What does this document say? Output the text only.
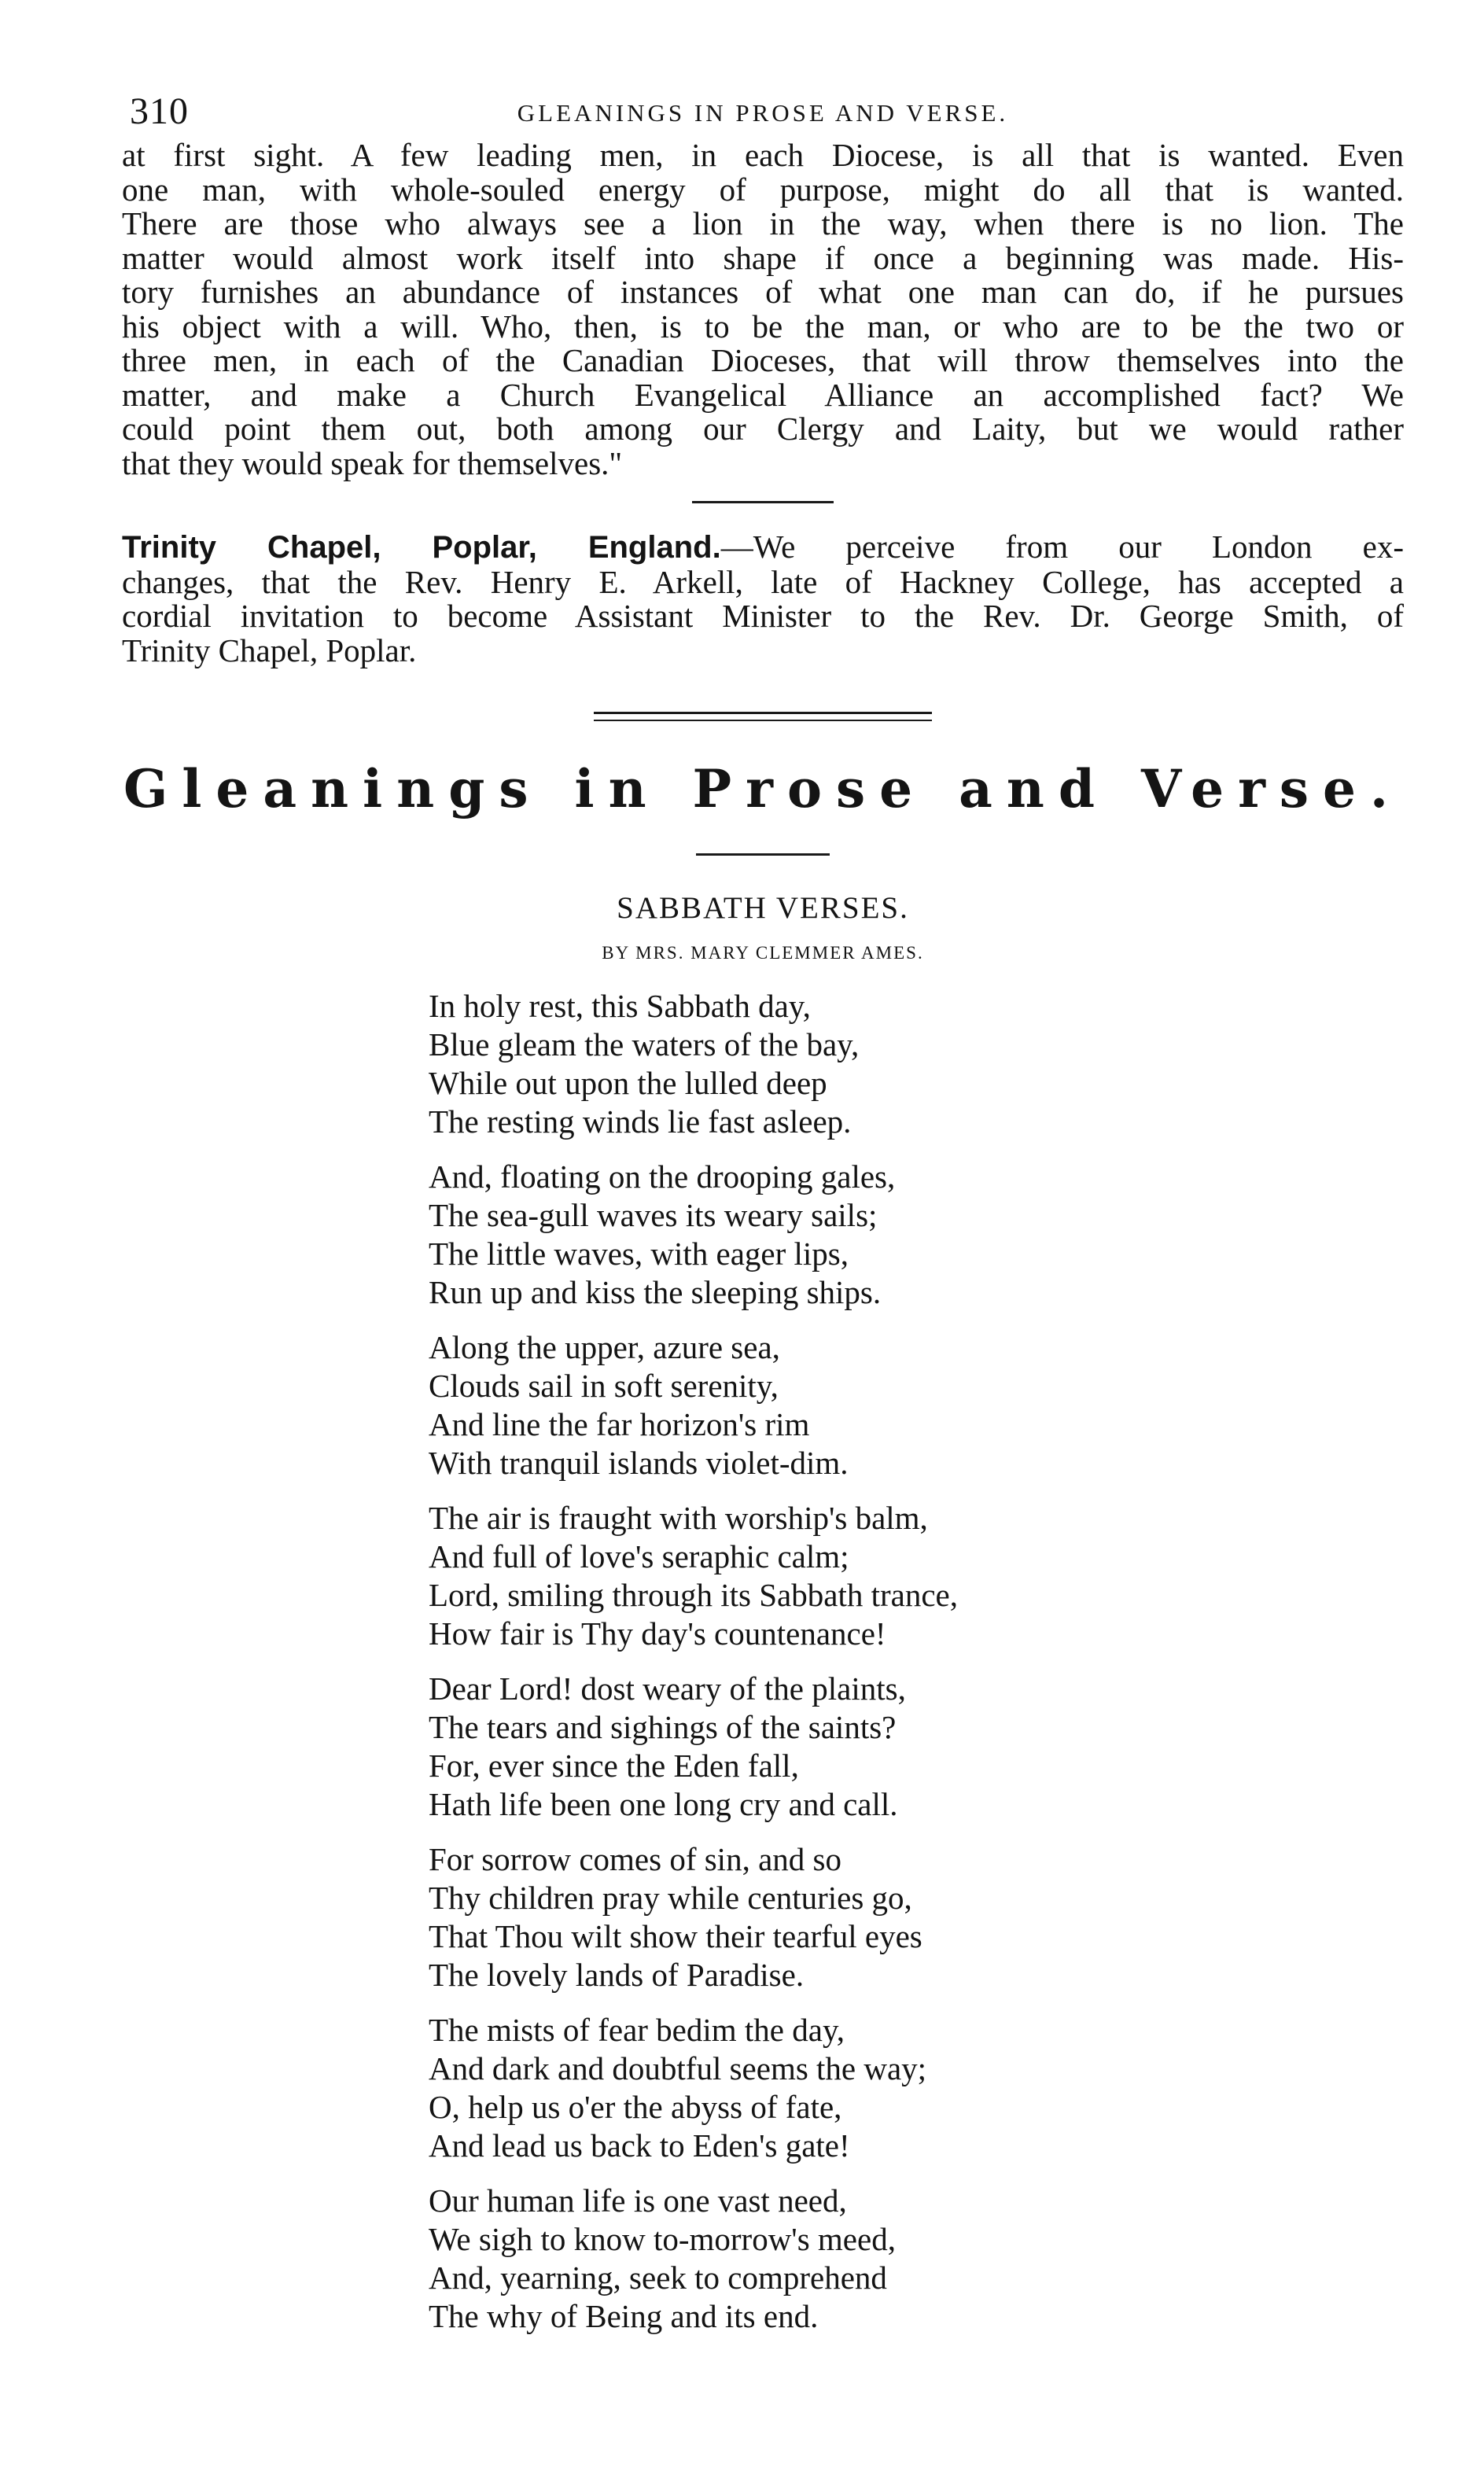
310	GLEANINGS IN PROSE AND VERSE.
at first sight. A few leading men, in each Diocese, is all that is wanted. Even
one man, with whole-souled energy of purpose, might do all that is wanted.
There are those who always see a lion in the way, when there is no lion. The
matter would almost work itself into shape if once a beginning was made. His-
tory furnishes an abundance of instances of what one man can do, if he pursues
his object with a will. Who, then, is to be the man, or who are to be the two or
three men, in each of the Canadian Dioceses, that will throw themselves into the
matter, and make a Church Evangelical Alliance an accomplished fact? We
could point them out, both among our Clergy and Laity, but we would rather
that they would speak for themselves."
Trinity Chapel, Poplar, England.—We perceive from our London ex-
changes, that the Rev. Henry E. Arkell, late of Hackney College, has accepted a
cordial invitation to become Assistant Minister to the Rev. Dr. George Smith, of
Trinity Chapel, Poplar.
Gleanings in Prose and Verse.
SABBATH VERSES.
BY MRS. MARY CLEMMER AMES.
In holy rest, this Sabbath day,
Blue gleam the waters of the bay,
While out upon the lulled deep
The resting winds lie fast asleep.
And, floating on the drooping gales,
The sea-gull waves its weary sails;
The little waves, with eager lips,
Run up and kiss the sleeping ships.
Along the upper, azure sea,
Clouds sail in soft serenity,
And line the far horizon's rim
With tranquil islands violet-dim.
The air is fraught with worship's balm,
And full of love's seraphic calm;
Lord, smiling through its Sabbath trance,
How fair is Thy day's countenance!
Dear Lord! dost weary of the plaints,
The tears and sighings of the saints?
For, ever since the Eden fall,
Hath life been one long cry and call.
For sorrow comes of sin, and so
Thy children pray while centuries go,
That Thou wilt show their tearful eyes
The lovely lands of Paradise.
The mists of fear bedim the day,
And dark and doubtful seems the way;
O, help us o'er the abyss of fate,
And lead us back to Eden's gate!
Our human life is one vast need,
We sigh to know to-morrow's meed,
And, yearning, seek to comprehend
The why of Being and its end.
